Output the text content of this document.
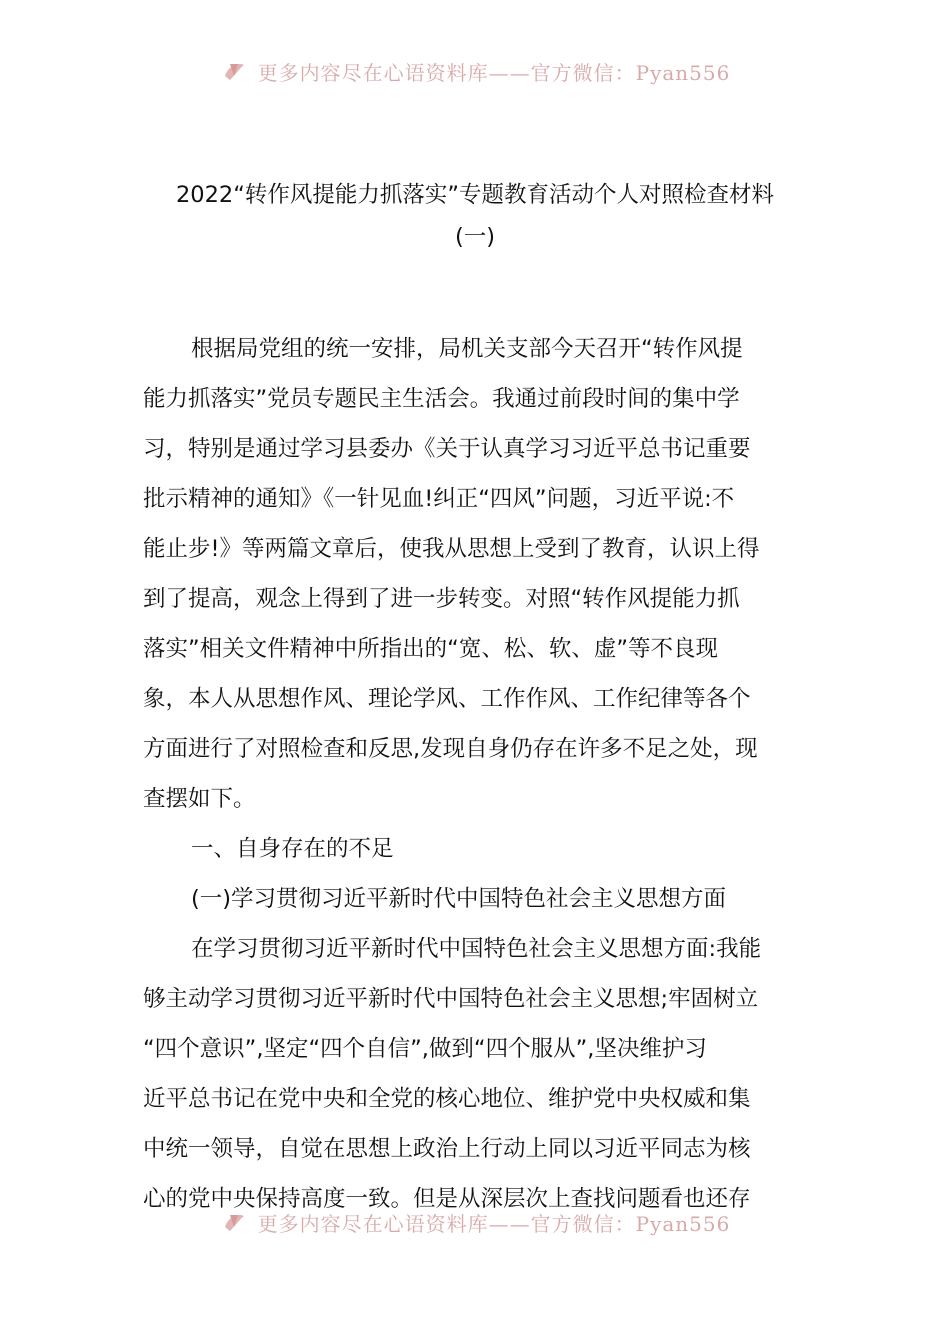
更多内容尽在心语资料库——官方微信：Pyan556
2022“转作风提能力抓落实”专题教育活动个人对照检查材料
(一)
根据局党组的统一安排，局机关支部今天召开“转作风提
能力抓落实”党员专题民主生活会。我通过前段时间的集中学
习，特别是通过学习县委办《关于认真学习习近平总书记重要
批示精神的通知》《一针见血!纠正“四风”问题，习近平说:不
能止步!》等两篇文章后，使我从思想上受到了教育，认识上得
到了提高，观念上得到了进一步转变。对照“转作风提能力抓
落实”相关文件精神中所指出的“宽、松、软、虚”等不良现
象，本人从思想作风、理论学风、工作作风、工作纪律等各个
方面进行了对照检查和反思,发现自身仍存在许多不足之处，现
查摆如下。
一、自身存在的不足
(一)学习贯彻习近平新时代中国特色社会主义思想方面
在学习贯彻习近平新时代中国特色社会主义思想方面:我能
够主动学习贯彻习近平新时代中国特色社会主义思想;牢固树立
“四个意识”,坚定“四个自信”,做到“四个服从”,坚决维护习
近平总书记在党中央和全党的核心地位、维护党中央权威和集
中统一领导，自觉在思想上政治上行动上同以习近平同志为核
心的党中央保持高度一致。但是从深层次上查找问题看也还存
更多内容尽在心语资料库——官方微信：Pyan556
